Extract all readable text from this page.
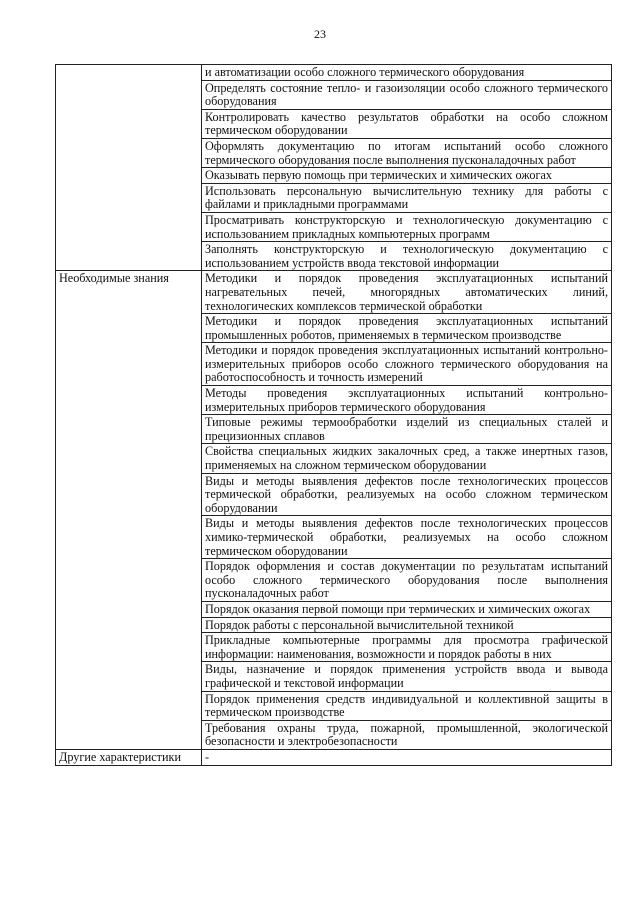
23
	и автоматизации особо сложного термического оборудования
	Определять состояние тепло- и газоизоляции особо сложного термического оборудования
	Контролировать качество результатов обработки на особо сложном термическом оборудовании
	Оформлять документацию по итогам испытаний особо сложного термического оборудования после выполнения пусконаладочных работ
	Оказывать первую помощь при термических и химических ожогах
	Использовать персональную вычислительную технику для работы с файлами и прикладными программами
	Просматривать конструкторскую и технологическую документацию с использованием прикладных компьютерных программ
	Заполнять конструкторскую и технологическую документацию с использованием устройств ввода текстовой информации

Необходимые знания	Методики и порядок проведения эксплуатационных испытаний нагревательных печей, многорядных автоматических линий, технологических комплексов термической обработки
	Методики и порядок проведения эксплуатационных испытаний промышленных роботов, применяемых в термическом производстве
	Методики и порядок проведения эксплуатационных испытаний контрольно-измерительных приборов особо сложного термического оборудования на работоспособность и точность измерений
	Методы проведения эксплуатационных испытаний контрольно-измерительных приборов термического оборудования
	Типовые режимы термообработки изделий из специальных сталей и прецизионных сплавов
	Свойства специальных жидких закалочных сред, а также инертных газов, применяемых на сложном термическом оборудовании
	Виды и методы выявления дефектов после технологических процессов термической обработки, реализуемых на особо сложном термическом оборудовании
	Виды и методы выявления дефектов после технологических процессов химико-термической обработки, реализуемых на особо сложном термическом оборудовании
	Порядок оформления и состав документации по результатам испытаний особо сложного термического оборудования после выполнения пусконаладочных работ
	Порядок оказания первой помощи при термических и химических ожогах
	Порядок работы с персональной вычислительной техникой
	Прикладные компьютерные программы для просмотра графической информации: наименования, возможности и порядок работы в них
	Виды, назначение и порядок применения устройств ввода и вывода графической и текстовой информации
	Порядок применения средств индивидуальной и коллективной защиты в термическом производстве
	Требования охраны труда, пожарной, промышленной, экологической безопасности и электробезопасности

Другие характеристики	-
